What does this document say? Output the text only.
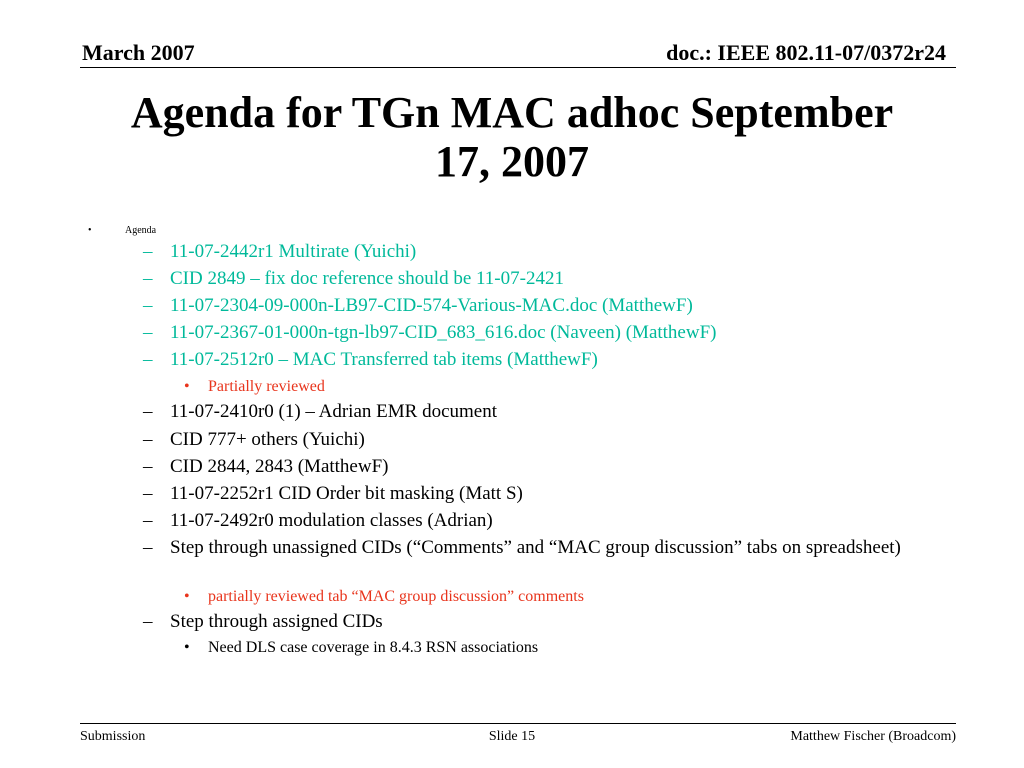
March 2007	doc.: IEEE 802.11-07/0372r24
Agenda for TGn MAC adhoc September
17, 2007
•	Agenda
– 11-07-2442r1 Multirate (Yuichi)
– CID 2849 – fix doc reference should be 11-07-2421
– 11-07-2304-09-000n-LB97-CID-574-Various-MAC.doc (MatthewF)
– 11-07-2367-01-000n-tgn-lb97-CID_683_616.doc (Naveen) (MatthewF)
– 11-07-2512r0 – MAC Transferred tab items (MatthewF)
• Partially reviewed
– 11-07-2410r0 (1) – Adrian EMR document
– CID 777+ others (Yuichi)
– CID 2844, 2843 (MatthewF)
– 11-07-2252r1 CID Order bit masking (Matt S)
– 11-07-2492r0 modulation classes (Adrian)
– Step through unassigned CIDs (“Comments” and “MAC group discussion” tabs on spreadsheet)
• partially reviewed tab “MAC group discussion” comments
– Step through assigned CIDs
• Need DLS case coverage in 8.4.3 RSN associations
Submission	Slide 15	Matthew Fischer (Broadcom)
